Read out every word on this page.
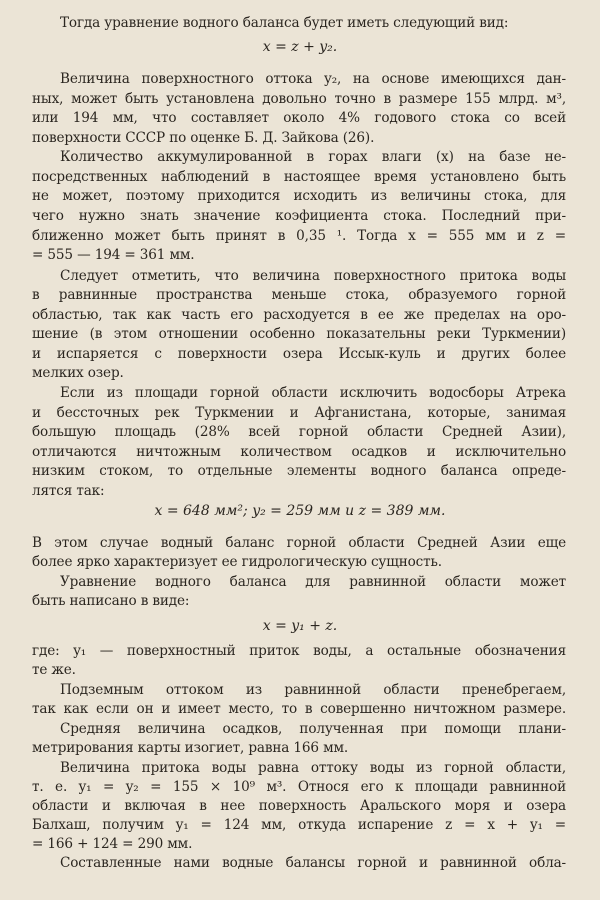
Тогда уравнение водного баланса будет иметь следующий вид:
x = z + y₂.
Величина поверхностного оттока y₂, на основе имеющихся дан-
ных, может быть установлена довольно точно в размере 155 млрд. м³,
или 194 мм, что составляет около 4% годового стока со всей
поверхности СССР по оценке Б. Д. Зайкова (26).
Количество аккумулированной в горах влаги (x) на базе не-
посредственных наблюдений в настоящее время установлено быть
не может, поэтому приходится исходить из величины стока, для
чего нужно знать значение коэфициента стока. Последний при-
ближенно может быть принят в 0,35 ¹. Тогда x = 555 мм и z =
= 555 — 194 = 361 мм.
Следует отметить, что величина поверхностного притока воды
в равнинные пространства меньше стока, образуемого горной
областью, так как часть его расходуется в ее же пределах на оро-
шение (в этом отношении особенно показательны реки Туркмении)
и испаряется с поверхности озера Иссык-куль и других более
мелких озер.
Если из площади горной области исключить водосборы Атрека
и бессточных рек Туркмении и Афганистана, которые, занимая
большую площадь (28% всей горной области Средней Азии),
отличаются ничтожным количеством осадков и исключительно
низким стоком, то отдельные элементы водного баланса опреде-
лятся так:
x = 648 мм²; y₂ = 259 мм и z = 389 мм.
В этом случае водный баланс горной области Средней Азии еще
более ярко характеризует ее гидрологическую сущность.
Уравнение водного баланса для равнинной области может
быть написано в виде:
x = y₁ + z.
где: y₁ — поверхностный приток воды, а остальные обозначения
те же.
Подземным оттоком из равнинной области пренебрегаем,
так как если он и имеет место, то в совершенно ничтожном размере.
Средняя величина осадков, полученная при помощи плани-
метрирования карты изогиет, равна 166 мм.
Величина притока воды равна оттоку воды из горной области,
т. е. y₁ = y₂ = 155 × 10⁹ м³. Относя его к площади равнинной
области и включая в нее поверхность Аральского моря и озера
Балхаш, получим y₁ = 124 мм, откуда испарение z = x + y₁ =
= 166 + 124 = 290 мм.
Составленные нами водные балансы горной и равнинной обла-
